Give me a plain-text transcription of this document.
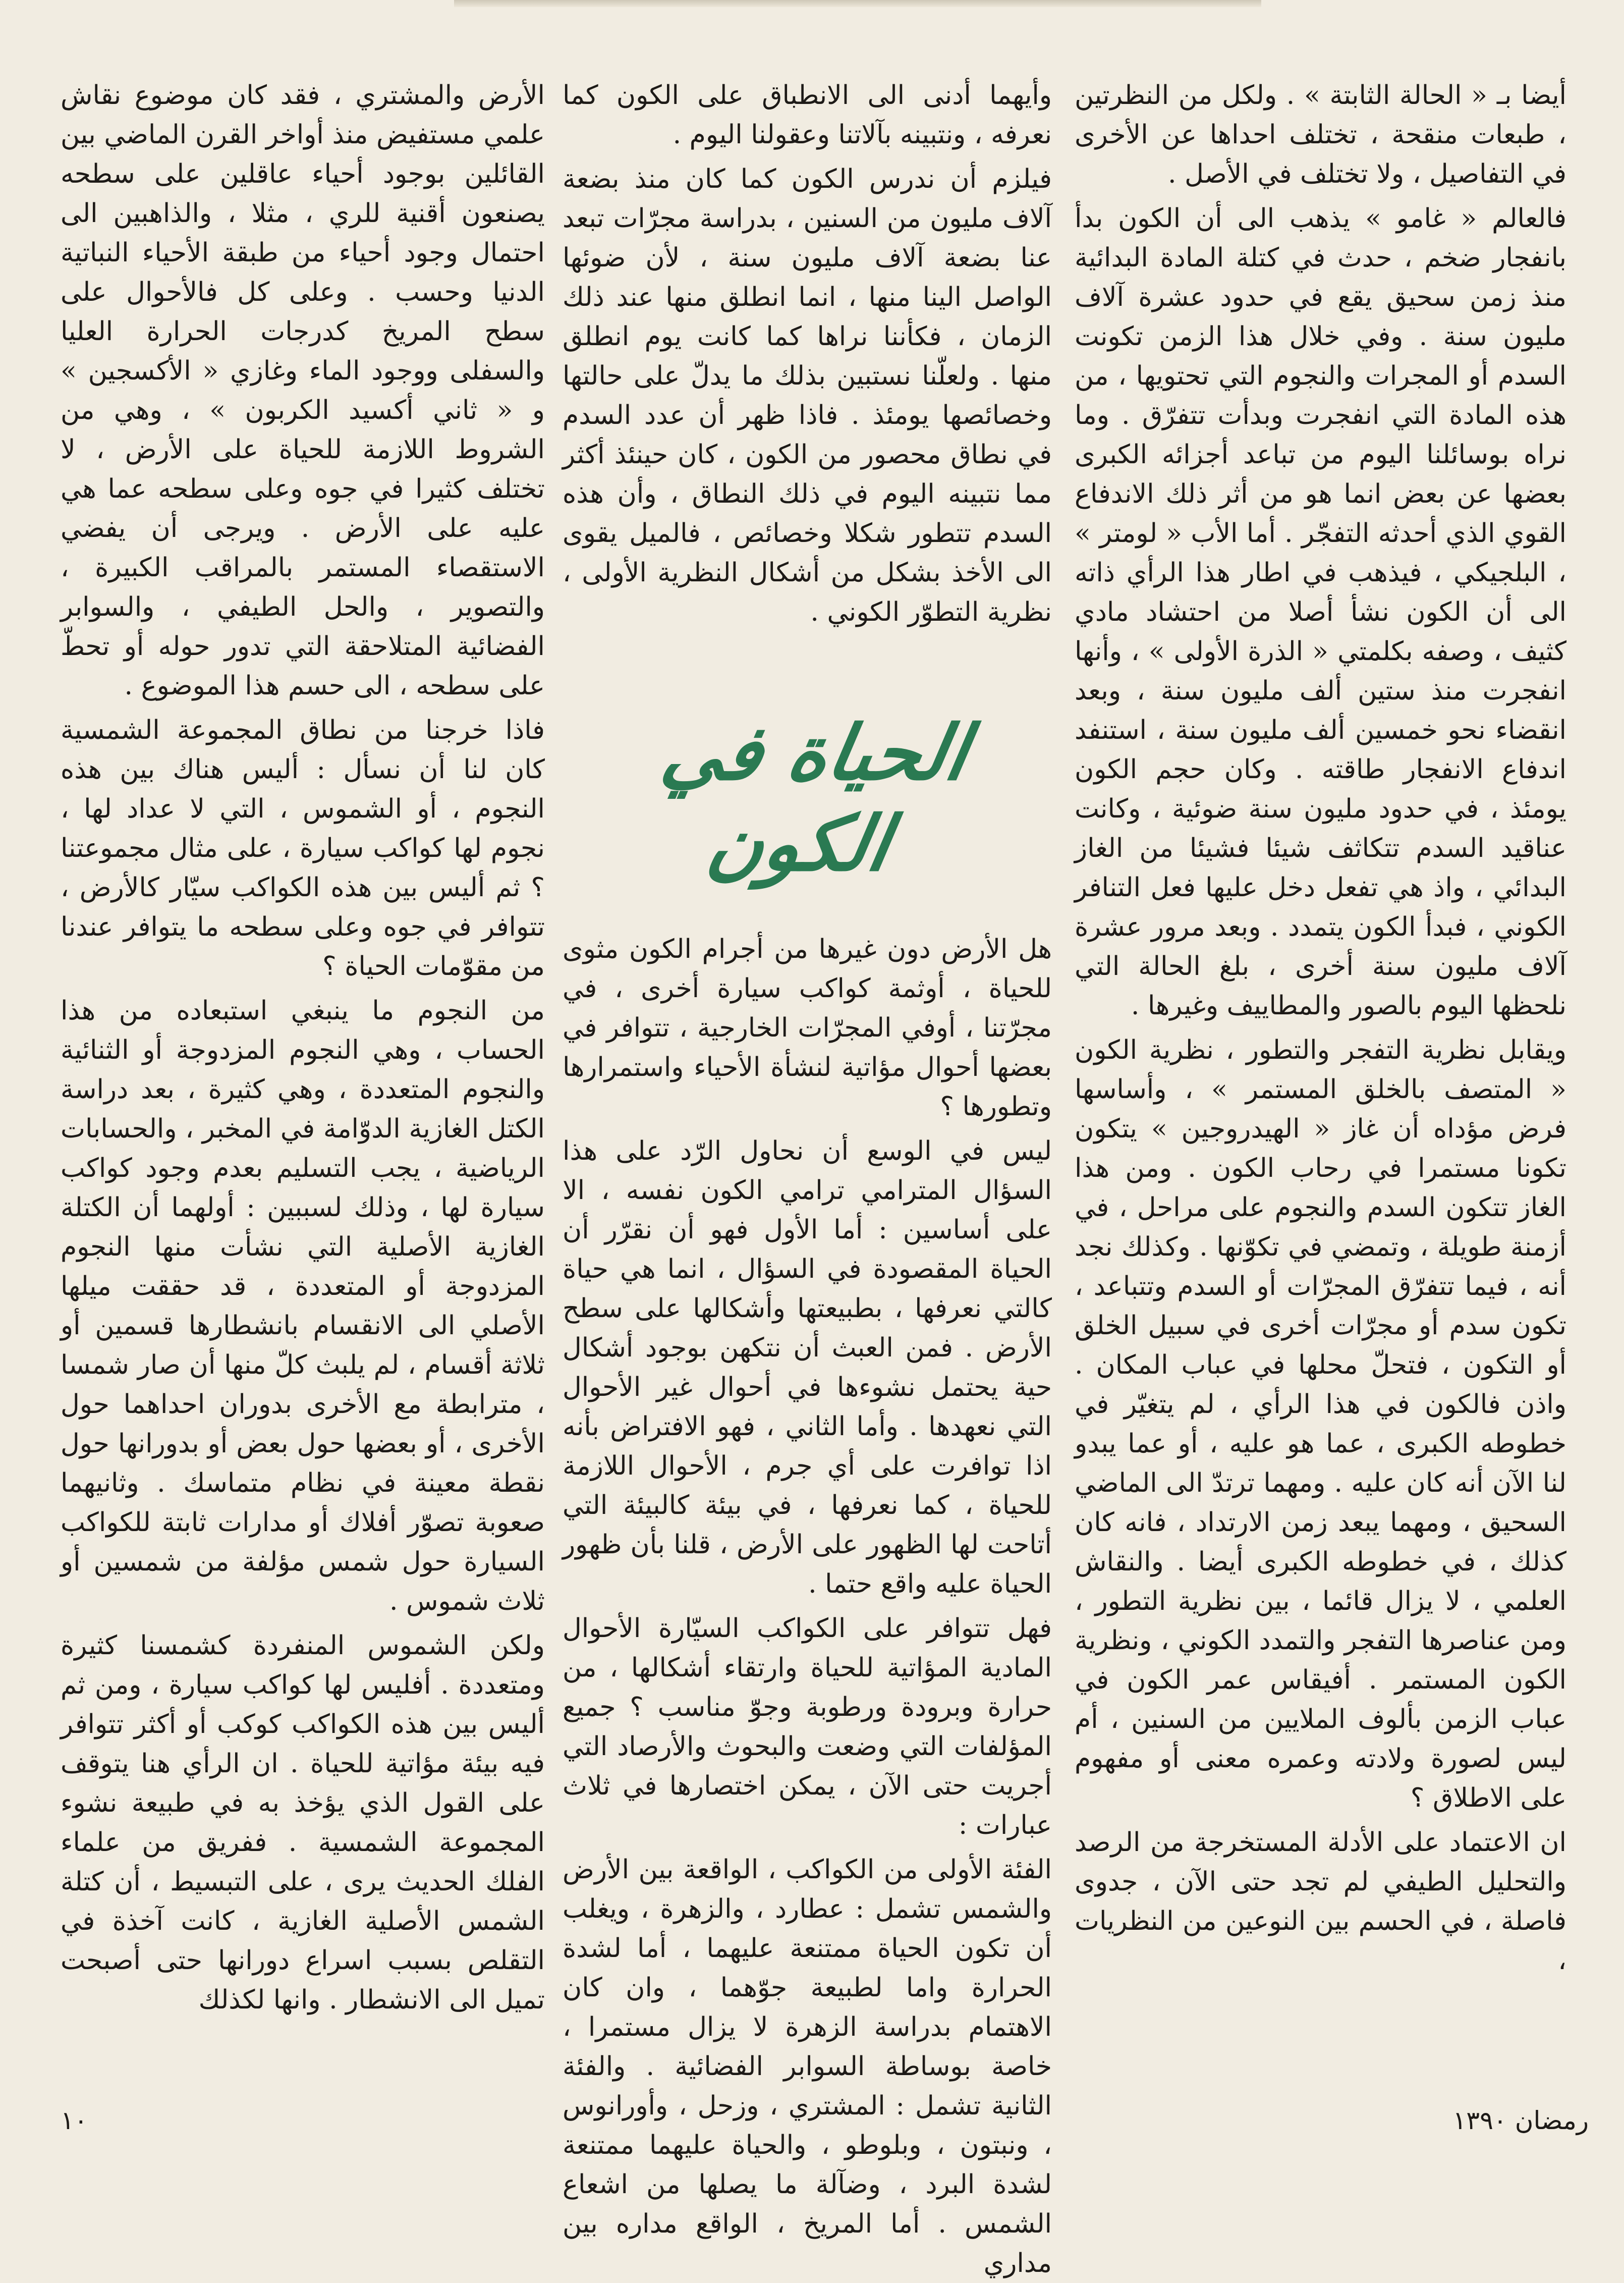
أيضا بـ « الحالة الثابتة » . ولكل من النظرتين ، طبعات منقحة ، تختلف احداها عن الأخرى في التفاصيل ، ولا تختلف في الأصل .

فالعالم « غامو » يذهب الى أن الكون بدأ بانفجار ضخم ، حدث في كتلة المادة البدائية منذ زمن سحيق يقع في حدود عشرة آلاف مليون سنة . وفي خلال هذا الزمن تكونت السدم أو المجرات والنجوم التي تحتويها ، من هذه المادة التي انفجرت وبدأت تتفرّق . وما نراه بوسائلنا اليوم من تباعد أجزائه الكبرى بعضها عن بعض انما هو من أثر ذلك الاندفاع القوي الذي أحدثه التفجّر . أما الأب « لومتر » ، البلجيكي ، فيذهب في اطار هذا الرأي ذاته الى أن الكون نشأ أصلا من احتشاد مادي كثيف ، وصفه بكلمتي « الذرة الأولى » ، وأنها انفجرت منذ ستين ألف مليون سنة ، وبعد انقضاء نحو خمسين ألف مليون سنة ، استنفد اندفاع الانفجار طاقته . وكان حجم الكون يومئذ ، في حدود مليون سنة ضوئية ، وكانت عناقيد السدم تتكاثف شيئا فشيئا من الغاز البدائي ، واذ هي تفعل دخل عليها فعل التنافر الكوني ، فبدأ الكون يتمدد . وبعد مرور عشرة آلاف مليون سنة أخرى ، بلغ الحالة التي نلحظها اليوم بالصور والمطاييف وغيرها .

ويقابل نظرية التفجر والتطور ، نظرية الكون « المتصف بالخلق المستمر » ، وأساسها فرض مؤداه أن غاز « الهيدروجين » يتكون تكونا مستمرا في رحاب الكون . ومن هذا الغاز تتكون السدم والنجوم على مراحل ، في أزمنة طويلة ، وتمضي في تكوّنها . وكذلك نجد أنه ، فيما تتفرّق المجرّات أو السدم وتتباعد ، تكون سدم أو مجرّات أخرى في سبيل الخلق أو التكون ، فتحلّ محلها في عباب المكان . واذن فالكون في هذا الرأي ، لم يتغيّر في خطوطه الكبرى ، عما هو عليه ، أو عما يبدو لنا الآن أنه كان عليه . ومهما ترتدّ الى الماضي السحيق ، ومهما يبعد زمن الارتداد ، فانه كان كذلك ، في خطوطه الكبرى أيضا . والنقاش العلمي ، لا يزال قائما ، بين نظرية التطور ، ومن عناصرها التفجر والتمدد الكوني ، ونظرية الكون المستمر . أفيقاس عمر الكون في عباب الزمن بألوف الملايين من السنين ، أم ليس لصورة ولادته وعمره معنى أو مفهوم على الاطلاق ؟

ان الاعتماد على الأدلة المستخرجة من الرصد والتحليل الطيفي لم تجد حتى الآن ، جدوى فاصلة ، في الحسم بين النوعين من النظريات ،

وأيهما أدنى الى الانطباق على الكون كما نعرفه ، ونتبينه بآلاتنا وعقولنا اليوم .

فيلزم أن ندرس الكون كما كان منذ بضعة آلاف مليون من السنين ، بدراسة مجرّات تبعد عنا بضعة آلاف مليون سنة ، لأن ضوئها الواصل الينا منها ، انما انطلق منها عند ذلك الزمان ، فكأننا نراها كما كانت يوم انطلق منها . ولعلّنا نستبين بذلك ما يدلّ على حالتها وخصائصها يومئذ . فاذا ظهر أن عدد السدم في نطاق محصور من الكون ، كان حينئذ أكثر مما نتبينه اليوم في ذلك النطاق ، وأن هذه السدم تتطور شكلا وخصائص ، فالميل يقوى الى الأخذ بشكل من أشكال النظرية الأولى ، نظرية التطوّر الكوني .

الحياة في الكون

هل الأرض دون غيرها من أجرام الكون مثوى للحياة ، أوثمة كواكب سيارة أخرى ، في مجرّتنا ، أوفي المجرّات الخارجية ، تتوافر في بعضها أحوال مؤاتية لنشأة الأحياء واستمرارها وتطورها ؟

ليس في الوسع أن نحاول الرّد على هذا السؤال المترامي ترامي الكون نفسه ، الا على أساسين : أما الأول فهو أن نقرّر أن الحياة المقصودة في السؤال ، انما هي حياة كالتي نعرفها ، بطبيعتها وأشكالها على سطح الأرض . فمن العبث أن نتكهن بوجود أشكال حية يحتمل نشوءها في أحوال غير الأحوال التي نعهدها . وأما الثاني ، فهو الافتراض بأنه اذا توافرت على أي جرم ، الأحوال اللازمة للحياة ، كما نعرفها ، في بيئة كالبيئة التي أتاحت لها الظهور على الأرض ، قلنا بأن ظهور الحياة عليه واقع حتما .

فهل تتوافر على الكواكب السيّارة الأحوال المادية المؤاتية للحياة وارتقاء أشكالها ، من حرارة وبرودة ورطوبة وجوّ مناسب ؟ جميع المؤلفات التي وضعت والبحوث والأرصاد التي أجريت حتى الآن ، يمكن اختصارها في ثلاث عبارات :

الفئة الأولى من الكواكب ، الواقعة بين الأرض والشمس تشمل : عطارد ، والزهرة ، ويغلب أن تكون الحياة ممتنعة عليهما ، أما لشدة الحرارة واما لطبيعة جوّهما ، وان كان الاهتمام بدراسة الزهرة لا يزال مستمرا ، خاصة بوساطة السوابر الفضائية . والفئة الثانية تشمل : المشتري ، وزحل ، وأورانوس ، ونبتون ، وبلوطو ، والحياة عليهما ممتنعة لشدة البرد ، وضآلة ما يصلها من اشعاع الشمس . أما المريخ ، الواقع مداره بين مداري

الأرض والمشتري ، فقد كان موضوع نقاش علمي مستفيض منذ أواخر القرن الماضي بين القائلين بوجود أحياء عاقلين على سطحه يصنعون أقنية للري ، مثلا ، والذاهبين الى احتمال وجود أحياء من طبقة الأحياء النباتية الدنيا وحسب . وعلى كل فالأحوال على سطح المريخ كدرجات الحرارة العليا والسفلى ووجود الماء وغازي « الأكسجين » و « ثاني أكسيد الكربون » ، وهي من الشروط اللازمة للحياة على الأرض ، لا تختلف كثيرا في جوه وعلى سطحه عما هي عليه على الأرض . ويرجى أن يفضي الاستقصاء المستمر بالمراقب الكبيرة ، والتصوير ، والحل الطيفي ، والسوابر الفضائية المتلاحقة التي تدور حوله أو تحطّ على سطحه ، الى حسم هذا الموضوع .

فاذا خرجنا من نطاق المجموعة الشمسية كان لنا أن نسأل : أليس هناك بين هذه النجوم ، أو الشموس ، التي لا عداد لها ، نجوم لها كواكب سيارة ، على مثال مجموعتنا ؟ ثم أليس بين هذه الكواكب سيّار كالأرض ، تتوافر في جوه وعلى سطحه ما يتوافر عندنا من مقوّمات الحياة ؟

من النجوم ما ينبغي استبعاده من هذا الحساب ، وهي النجوم المزدوجة أو الثنائية والنجوم المتعددة ، وهي كثيرة ، بعد دراسة الكتل الغازية الدوّامة في المخبر ، والحسابات الرياضية ، يجب التسليم بعدم وجود كواكب سيارة لها ، وذلك لسببين : أولهما أن الكتلة الغازية الأصلية التي نشأت منها النجوم المزدوجة أو المتعددة ، قد حققت ميلها الأصلي الى الانقسام بانشطارها قسمين أو ثلاثة أقسام ، لم يلبث كلّ منها أن صار شمسا ، مترابطة مع الأخرى بدوران احداهما حول الأخرى ، أو بعضها حول بعض أو بدورانها حول نقطة معينة في نظام متماسك . وثانيهما صعوبة تصوّر أفلاك أو مدارات ثابتة للكواكب السيارة حول شمس مؤلفة من شمسين أو ثلاث شموس .

ولكن الشموس المنفردة كشمسنا كثيرة ومتعددة . أفليس لها كواكب سيارة ، ومن ثم أليس بين هذه الكواكب كوكب أو أكثر تتوافر فيه بيئة مؤاتية للحياة . ان الرأي هنا يتوقف على القول الذي يؤخذ به في طبيعة نشوء المجموعة الشمسية . ففريق من علماء الفلك الحديث يرى ، على التبسيط ، أن كتلة الشمس الأصلية الغازية ، كانت آخذة في التقلص بسبب اسراع دورانها حتى أصبحت تميل الى الانشطار . وانها لكذلك

١٠	رمضان ١٣٩٠
